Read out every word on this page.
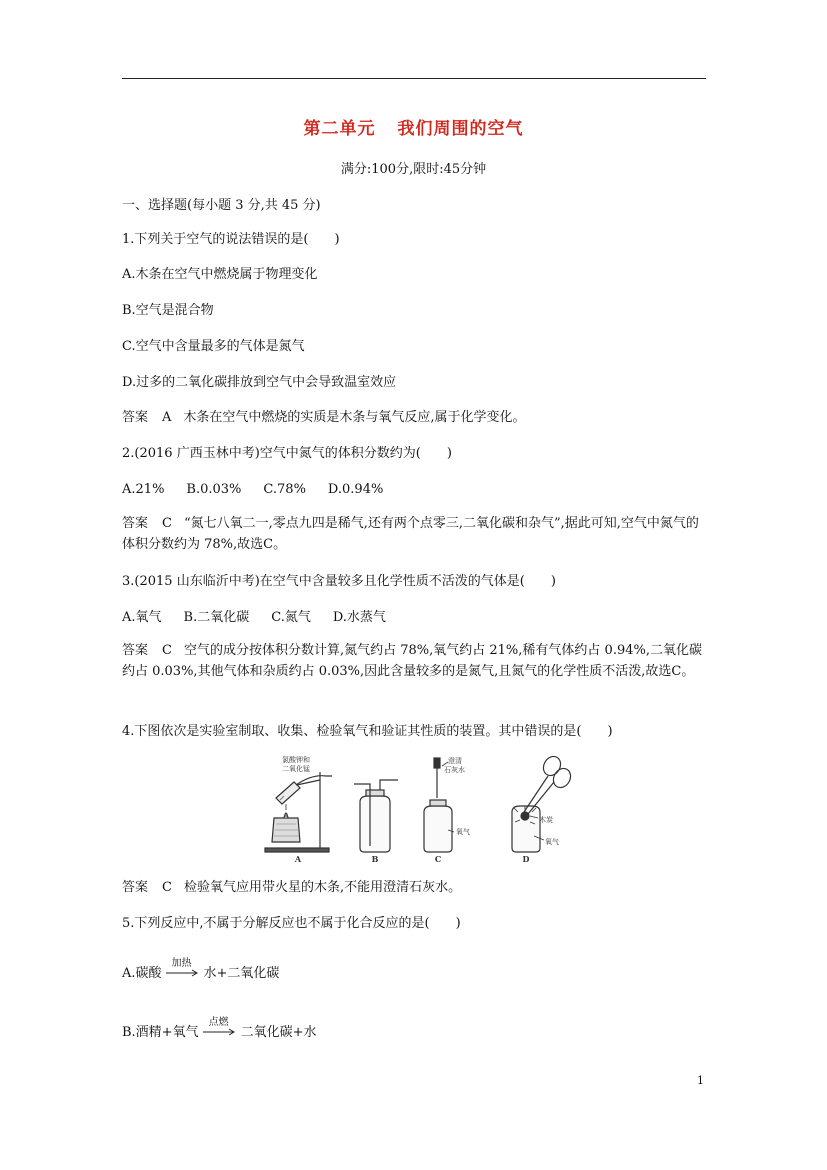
第二单元 我们周围的空气
满分:100分,限时:45分钟
一、选择题(每小题 3 分,共 45 分)
1.下列关于空气的说法错误的是(　　)
A.木条在空气中燃烧属于物理变化
B.空气是混合物
C.空气中含量最多的气体是氮气
D.过多的二氧化碳排放到空气中会导致温室效应
答案 A 木条在空气中燃烧的实质是木条与氧气反应,属于化学变化。
2.(2016 广西玉林中考)空气中氮气的体积分数约为(　　)
A.21% B.0.03% C.78% D.0.94%
答案 C “氮七八氧二一,零点九四是稀气,还有两个点零三,二氧化碳和杂气”,据此可知,空气中氮气的体积分数约为 78%,故选C。
3.(2015 山东临沂中考)在空气中含量较多且化学性质不活泼的气体是(　　)
A.氧气 B.二氧化碳 C.氮气 D.水蒸气
答案 C 空气的成分按体积分数计算,氮气约占 78%,氧气约占 21%,稀有气体约占 0.94%,二氧化碳约占 0.03%,其他气体和杂质约占 0.03%,因此含量较多的是氮气,且氮气的化学性质不活泼,故选C。
4.下图依次是实验室制取、收集、检验氧气和验证其性质的装置。其中错误的是(　　)
氯酸钾和
二氧化锰
澄清
石灰水
氧气
木炭
氧气
A	B	C	D
答案 C 检验氧气应用带火星的木条,不能用澄清石灰水。
5.下列反应中,不属于分解反应也不属于化合反应的是(　　)
A.碳酸
加热
水+二氧化碳
B.酒精+氧气
点燃
二氧化碳+水
1
